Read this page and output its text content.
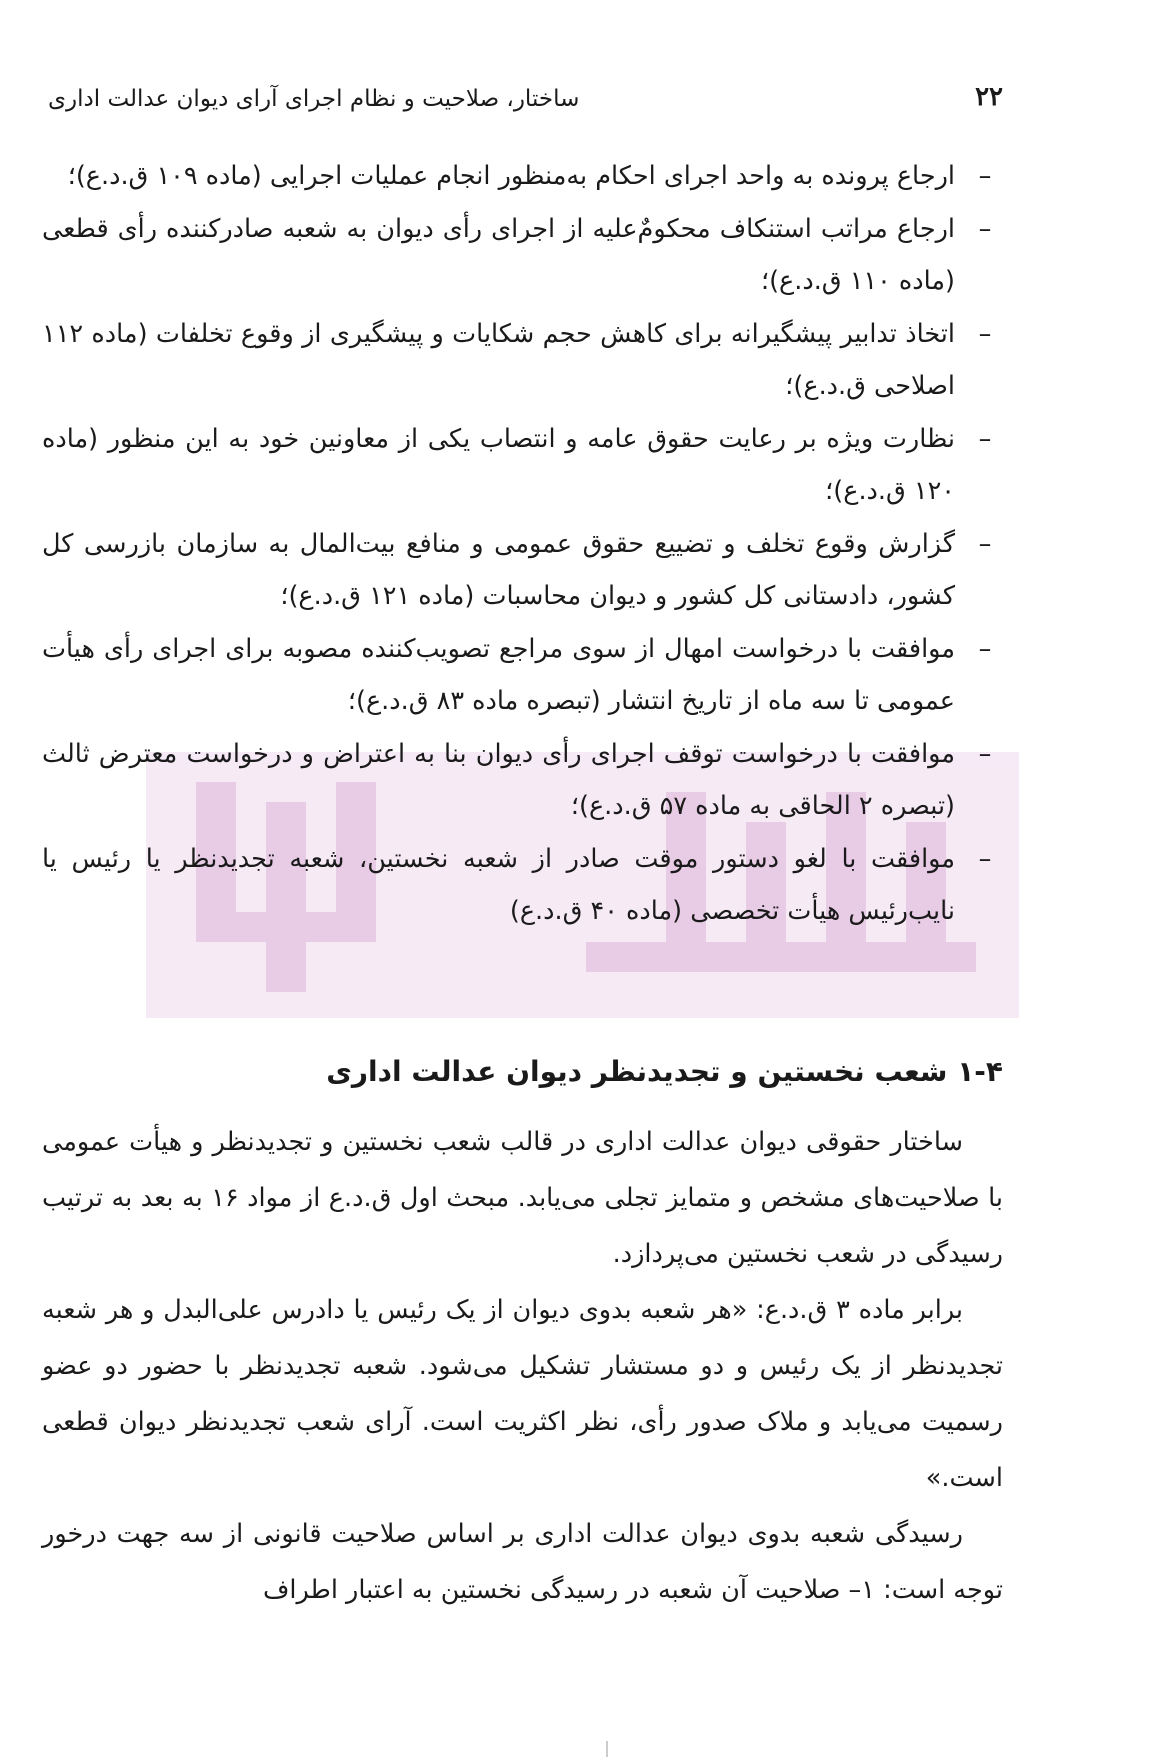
۲۲
ساختار، صلاحیت و نظام اجرای آرای دیوان عدالت اداری

–
ارجاع پرونده به واحد اجرای احکام به‌منظور انجام عملیات اجرایی (ماده ۱۰۹ ق.د.ع)؛

–
ارجاع مراتب استنکاف محکومٌ‌علیه از اجرای رأی دیوان به شعبه صادرکننده رأی قطعی (ماده ۱۱۰ ق.د.ع)؛

–
اتخاذ تدابیر پیشگیرانه برای کاهش حجم شکایات و پیشگیری از وقوع تخلفات (ماده ۱۱۲ اصلاحی ق.د.ع)؛

–
نظارت ویژه بر رعایت حقوق عامه و انتصاب یکی از معاونین خود به این منظور (ماده ۱۲۰ ق.د.ع)؛

–
گزارش وقوع تخلف و تضییع حقوق عمومی و منافع بیت‌المال به سازمان بازرسی کل کشور، دادستانی کل کشور و دیوان محاسبات (ماده ۱۲۱ ق.د.ع)؛

–
موافقت با درخواست امهال از سوی مراجع تصویب‌کننده مصوبه برای اجرای رأی هیأت عمومی تا سه ماه از تاریخ انتشار (تبصره ماده ۸۳ ق.د.ع)؛

–
موافقت با درخواست توقف اجرای رأی دیوان بنا به اعتراض و درخواست معترض ثالث (تبصره ۲ الحاقی به ماده ۵۷ ق.د.ع)؛

–
موافقت با لغو دستور موقت صادر از شعبه نخستین، شعبه تجدیدنظر یا رئیس یا نایب‌رئیس هیأت تخصصی (ماده ۴۰ ق.د.ع)

۱-۴ شعب نخستین و تجدیدنظر دیوان عدالت اداری

ساختار حقوقی دیوان عدالت اداری در قالب شعب نخستین و تجدیدنظر و هیأت عمومی با صلاحیت‌های مشخص و متمایز تجلی می‌یابد. مبحث اول ق.د.ع از مواد ۱۶ به بعد به ترتیب رسیدگی در شعب نخستین می‌پردازد.

برابر ماده ۳ ق.د.ع: «هر شعبه بدوی دیوان از یک رئیس یا دادرس علی‌البدل و هر شعبه تجدیدنظر از یک رئیس و دو مستشار تشکیل می‌شود. شعبه تجدیدنظر با حضور دو عضو رسمیت می‌یابد و ملاک صدور رأی، نظر اکثریت است. آرای شعب تجدیدنظر دیوان قطعی است.»

رسیدگی شعبه بدوی دیوان عدالت اداری بر اساس صلاحیت قانونی از سه جهت درخور توجه است: ۱– صلاحیت آن شعبه در رسیدگی نخستین به اعتبار اطراف
